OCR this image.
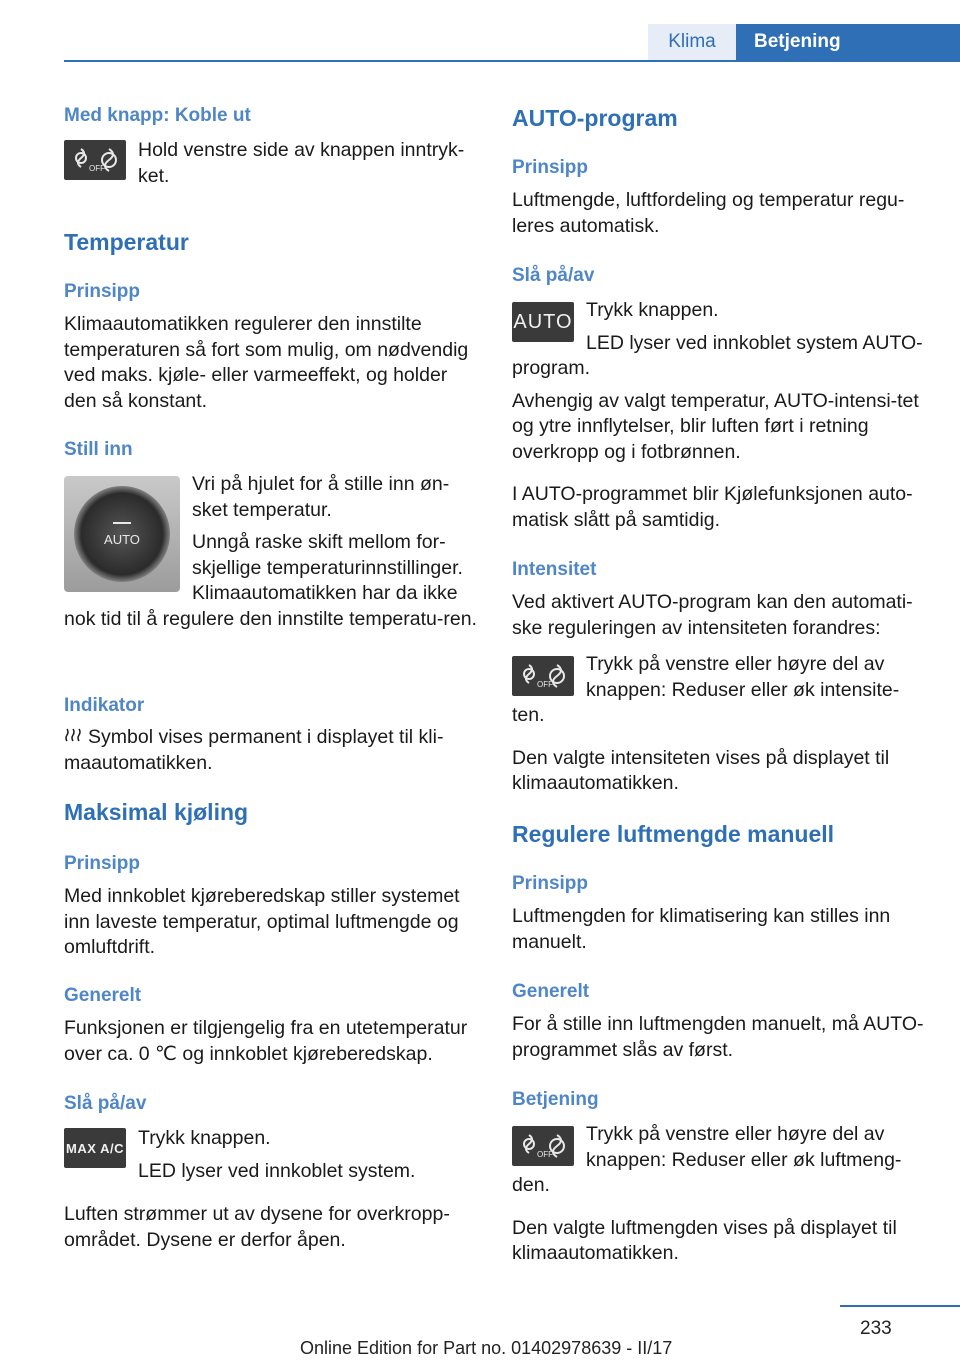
Klima	Betjening
Med knapp: Koble ut
OFF
Hold venstre side av knappen inntryk-ket.
Temperatur
Prinsipp
Klimaautomatikken regulerer den innstilte temperaturen så fort som mulig, om nødvendig ved maks. kjøle- eller varmeeffekt, og holder den så konstant.
Still inn
AUTO
Vri på hjulet for å stille inn øn-sket temperatur.
Unngå raske skift mellom for-skjellige temperaturinnstillinger. Klimaautomatikken har da ikke nok tid til å regulere den innstilte temperatu-ren.
Indikator
Symbol vises permanent i displayet til kli-maautomatikken.
Maksimal kjøling
Prinsipp
Med innkoblet kjøreberedskap stiller systemet inn laveste temperatur, optimal luftmengde og omluftdrift.
Generelt
Funksjonen er tilgjengelig fra en utetemperatur over ca. 0 ℃ og innkoblet kjøreberedskap.
Slå på/av
MAX A/C Trykk knappen.
LED lyser ved innkoblet system.
Luften strømmer ut av dysene for overkropp-området. Dysene er derfor åpen.
AUTO-program
Prinsipp
Luftmengde, luftfordeling og temperatur regu-leres automatisk.
Slå på/av
AUTO
Trykk knappen.
LED lyser ved innkoblet system AUTO-program.
Avhengig av valgt temperatur, AUTO-intensi-tet og ytre innflytelser, blir luften ført i retning overkropp og i fotbrønnen.
I AUTO-programmet blir Kjølefunksjonen auto-matisk slått på samtidig.
Intensitet
Ved aktivert AUTO-program kan den automati-ske reguleringen av intensiteten forandres:
OFF
Trykk på venstre eller høyre del av knappen: Reduser eller øk intensite-ten.
Den valgte intensiteten vises på displayet til klimaautomatikken.
Regulere luftmengde manuell
Prinsipp
Luftmengden for klimatisering kan stilles inn manuelt.
Generelt
For å stille inn luftmengden manuelt, må AUTO-programmet slås av først.
Betjening
OFF
Trykk på venstre eller høyre del av knappen: Reduser eller øk luftmeng-den.
Den valgte luftmengden vises på displayet til klimaautomatikken.
233
Online Edition for Part no. 01402978639 - II/17
